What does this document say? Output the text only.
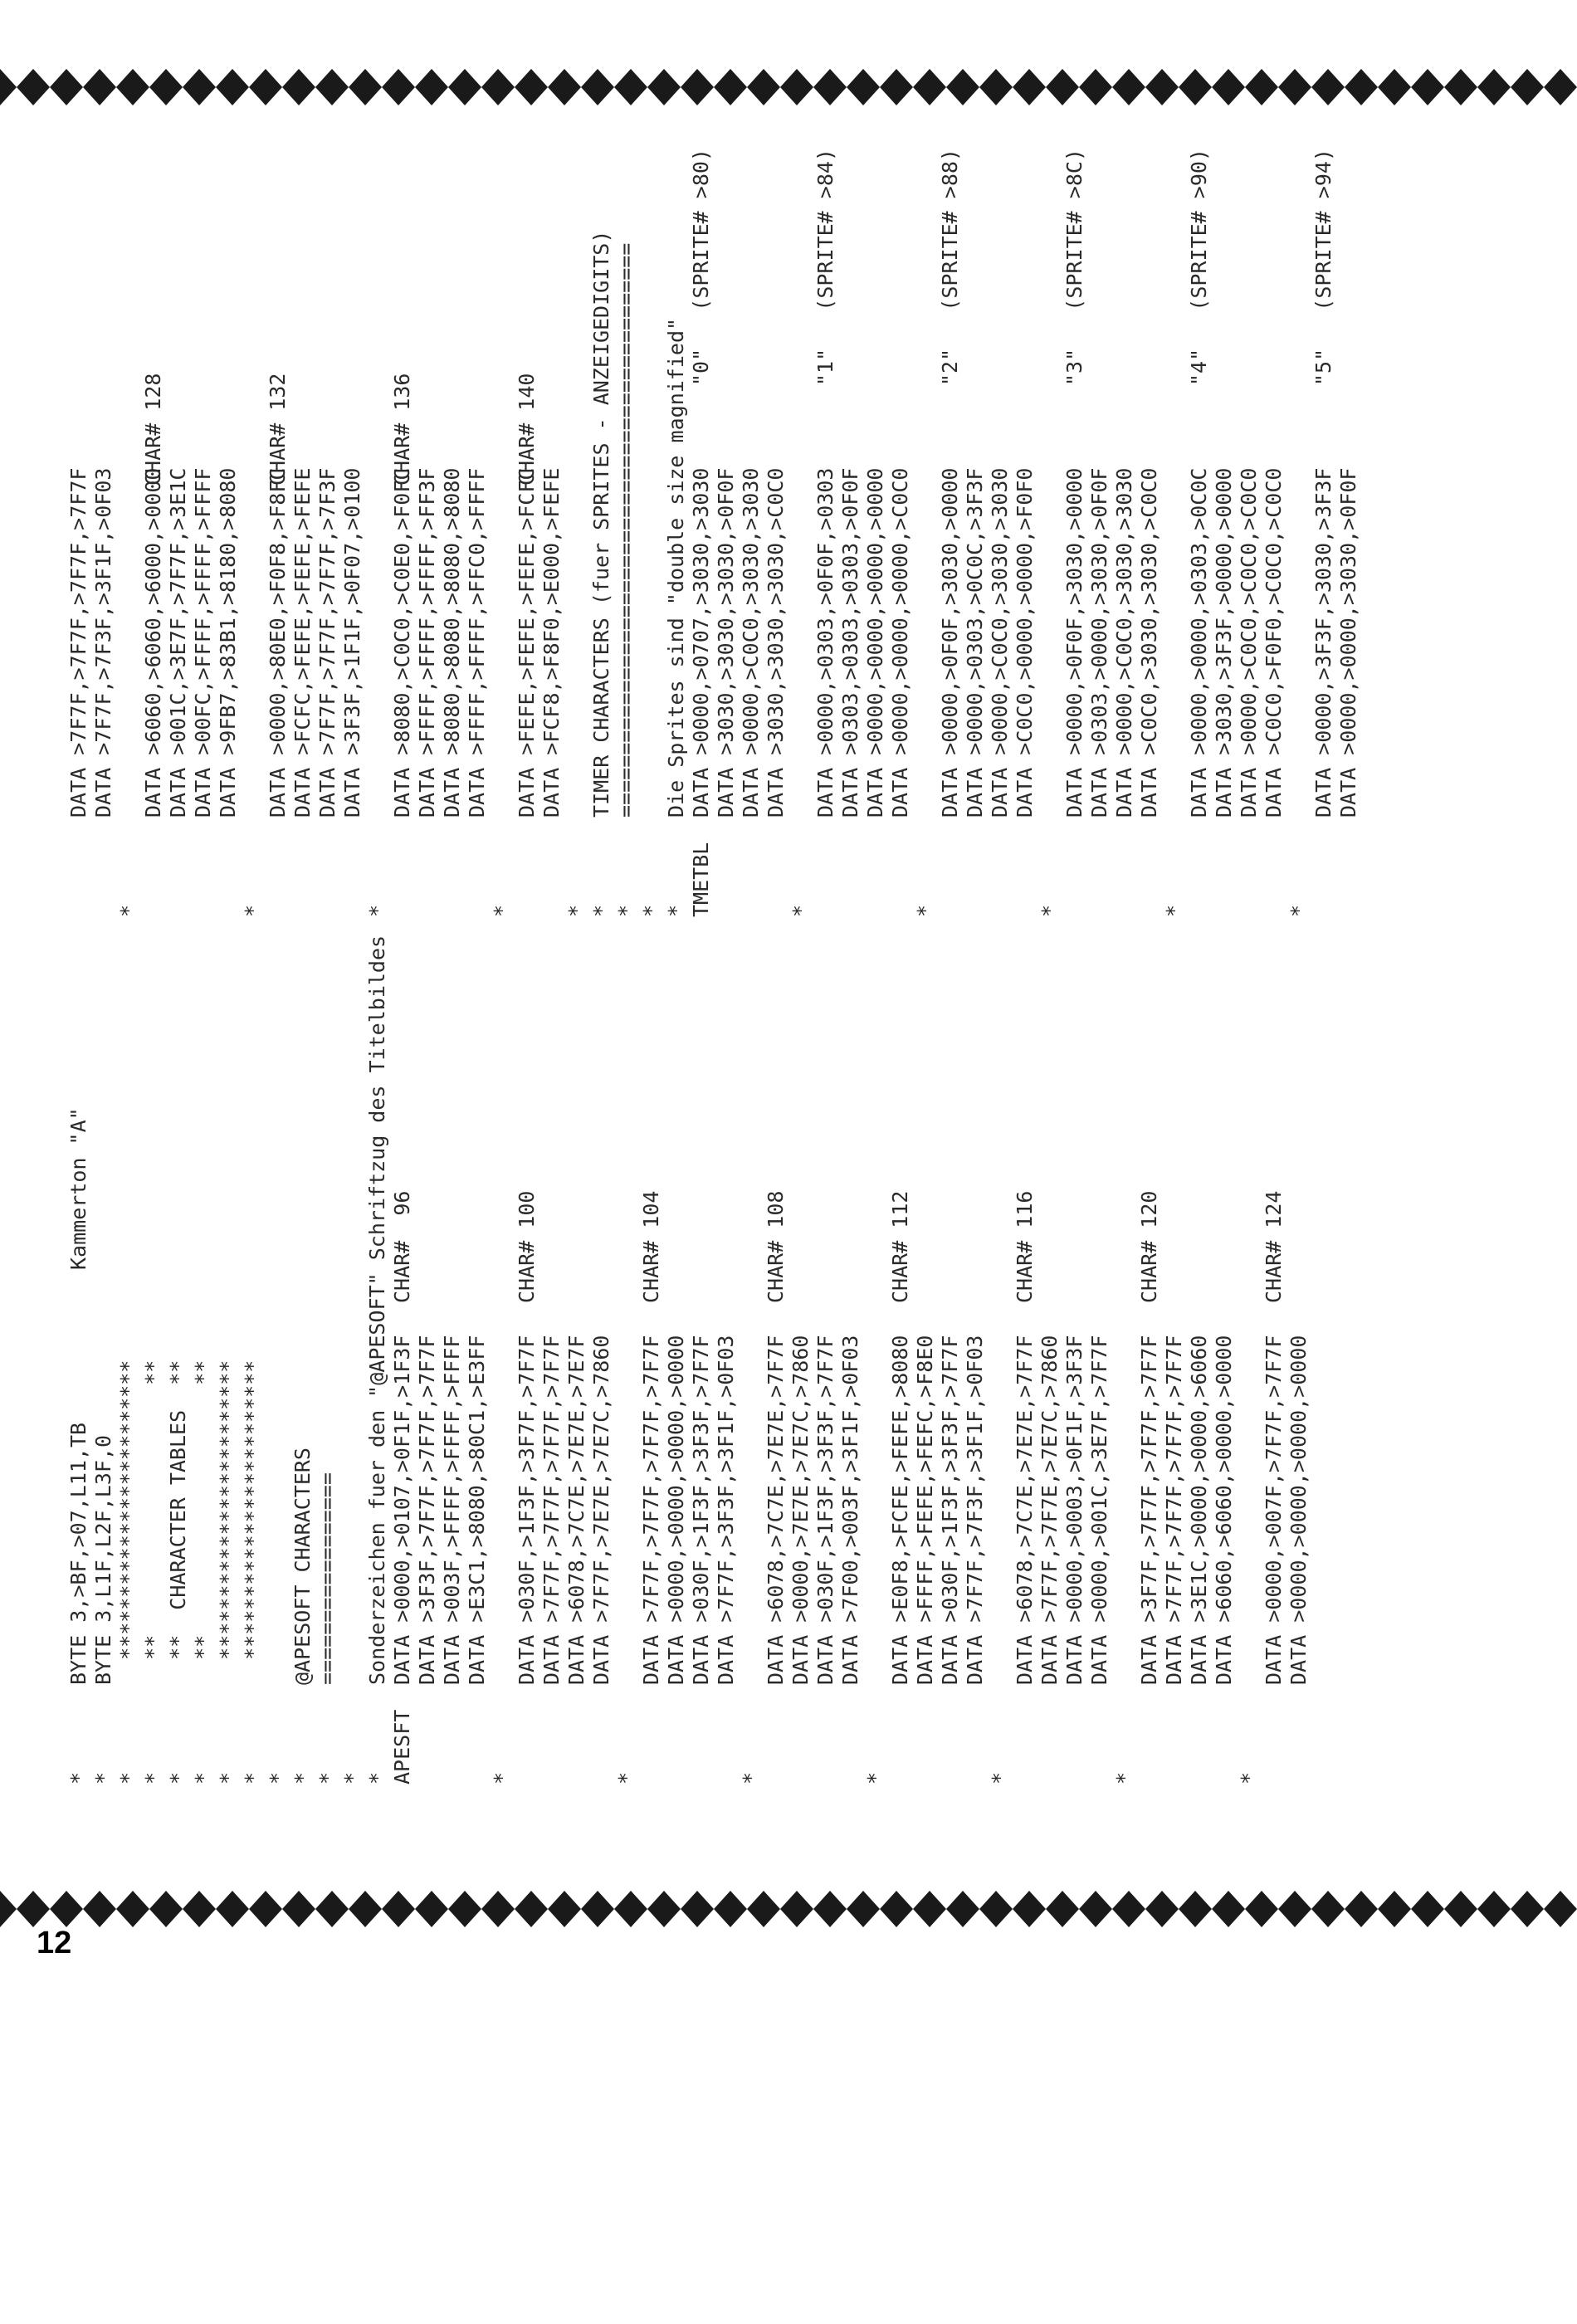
*
BYTE 3,>BF,>07,L11,TB
Kammerton "A"
*
BYTE 3,L1F,L2F,L3F,0
*
************************
*
**                    **
*
**  CHARACTER TABLES  **
*
**                    **
*
************************
*
************************
* *
@APESOFT CHARACTERS
*
=================
* *
Sonderzeichen fuer den "@APESOFT" Schriftzug des Titelbildes
APESFT
DATA >0000,>0107,>0F1F,>1F3F
CHAR#  96
DATA >3F3F,>7F7F,>7F7F,>7F7F DATA >003F,>FFFF,>FFFF,>FFFF DATA >E3C1,>8080,>80C1,>E3FF
*
DATA >030F,>1F3F,>3F7F,>7F7F
CHAR# 100
DATA >7F7F,>7F7F,>7F7F,>7F7F DATA >6078,>7C7E,>7E7E,>7E7F DATA >7F7F,>7E7E,>7E7C,>7860
*
DATA >7F7F,>7F7F,>7F7F,>7F7F
CHAR# 104
DATA >0000,>0000,>0000,>0000 DATA >030F,>1F3F,>3F3F,>7F7F DATA >7F7F,>3F3F,>3F1F,>0F03
*
DATA >6078,>7C7E,>7E7E,>7F7F
CHAR# 108
DATA >0000,>7E7E,>7E7C,>7860 DATA >030F,>1F3F,>3F3F,>7F7F DATA >7F00,>003F,>3F1F,>0F03
*
DATA >E0F8,>FCFE,>FEFE,>8080
CHAR# 112
DATA >FFFF,>FEFE,>FEFC,>F8E0 DATA >030F,>1F3F,>3F3F,>7F7F DATA >7F7F,>7F3F,>3F1F,>0F03
*
DATA >6078,>7C7E,>7E7E,>7F7F
CHAR# 116
DATA >7F7F,>7F7E,>7E7C,>7860 DATA >0000,>0003,>0F1F,>3F3F DATA >0000,>001C,>3E7F,>7F7F
*
DATA >3F7F,>7F7F,>7F7F,>7F7F
CHAR# 120
DATA >7F7F,>7F7F,>7F7F,>7F7F DATA >3E1C,>0000,>0000,>6060 DATA >6060,>6060,>0000,>0000
*
DATA >0000,>007F,>7F7F,>7F7F
CHAR# 124
DATA >0000,>0000,>0000,>0000
DATA >7F7F,>7F7F,>7F7F,>7F7F DATA >7F7F,>7F3F,>3F1F,>0F03
*
DATA >6060,>6060,>6000,>0000
CHAR# 128
DATA >001C,>3E7F,>7F7F,>3E1C DATA >00FC,>FFFF,>FFFF,>FFFF DATA >9FB7,>83B1,>8180,>8080
*
DATA >0000,>80E0,>F0F8,>F8FC
CHAR# 132
DATA >FCFC,>FEFE,>FEFE,>FEFE DATA >7F7F,>7F7F,>7F7F,>7F3F DATA >3F3F,>1F1F,>0F07,>0100
*
DATA >8080,>C0C0,>C0E0,>F0FC
CHAR# 136
DATA >FFFF,>FFFF,>FFFF,>FF3F DATA >8080,>8080,>8080,>8080 DATA >FFFF,>FFFF,>FFC0,>FFFF
*
DATA >FEFE,>FEFE,>FEFE,>FCFC
CHAR# 140
DATA >FCF8,>F8F0,>E000,>FEFE
* *
TIMER CHARACTERS (fuer SPRITES - ANZEIGEDIGITS)
*
==============================================
* *
Die Sprites sind "double size magnified"
TMETBL
DATA >0000,>0707,>3030,>3030
"0"   (SPRITE# >80)
DATA >3030,>3030,>3030,>0F0F DATA >0000,>C0C0,>3030,>3030 DATA >3030,>3030,>3030,>C0C0
*
DATA >0000,>0303,>0F0F,>0303
"1"   (SPRITE# >84)
DATA >0303,>0303,>0303,>0F0F DATA >0000,>0000,>0000,>0000 DATA >0000,>0000,>0000,>C0C0
*
DATA >0000,>0F0F,>3030,>0000
"2"   (SPRITE# >88)
DATA >0000,>0303,>0C0C,>3F3F DATA >0000,>C0C0,>3030,>3030 DATA >C0C0,>0000,>0000,>F0F0
*
DATA >0000,>0F0F,>3030,>0000
"3"   (SPRITE# >8C)
DATA >0303,>0000,>3030,>0F0F DATA >0000,>C0C0,>3030,>3030 DATA >C0C0,>3030,>3030,>C0C0
*
DATA >0000,>0000,>0303,>0C0C
"4"   (SPRITE# >90)
DATA >3030,>3F3F,>0000,>0000 DATA >0000,>C0C0,>C0C0,>C0C0 DATA >C0C0,>F0F0,>C0C0,>C0C0
*
DATA >0000,>3F3F,>3030,>3F3F
"5"   (SPRITE# >94)
DATA >0000,>0000,>3030,>0F0F
12
